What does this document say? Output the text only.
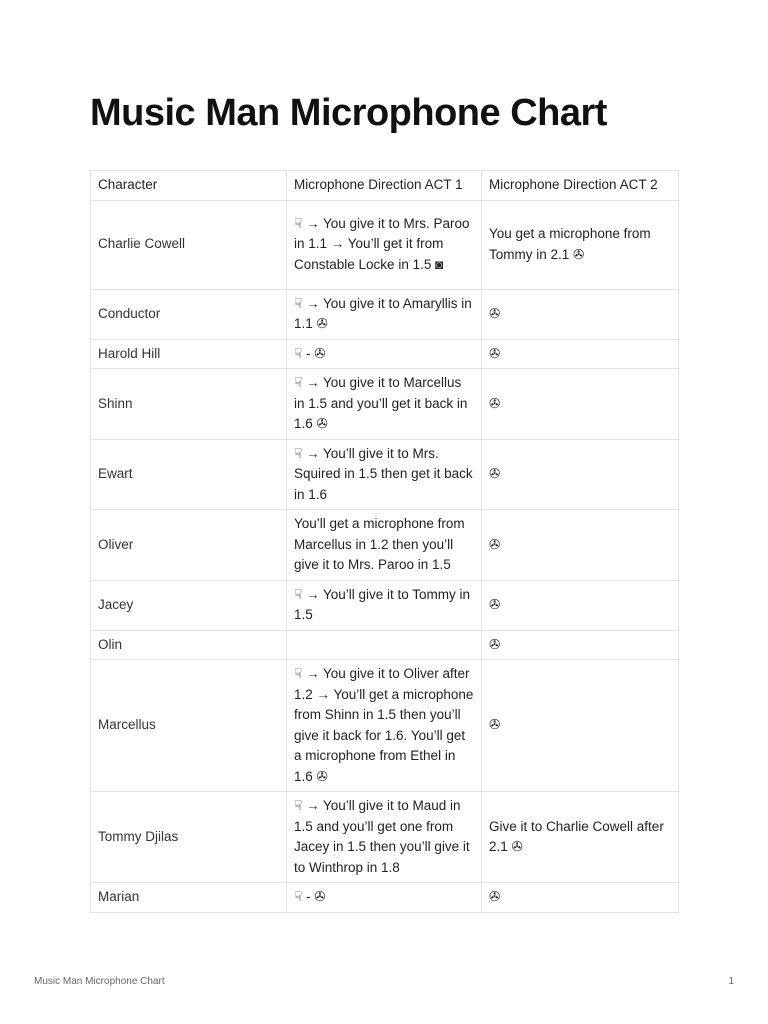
Music Man Microphone Chart
Character	Microphone Direction ACT 1	Microphone Direction ACT 2
Charlie Cowell	☟ → You give it to Mrs. Paroo in 1.1 → You’ll get it from Constable Locke in 1.5 ◙	You get a microphone from Tommy in 2.1 ✇
Conductor	☟ → You give it to Amaryllis in 1.1 ✇	✇
Harold Hill	☟ - ✇	✇
Shinn	☟ → You give it to Marcellus in 1.5 and you’ll get it back in 1.6 ✇	✇
Ewart	☟ → You’ll give it to Mrs. Squired in 1.5 then get it back in 1.6	✇
Oliver	You’ll get a microphone from Marcellus in 1.2 then you’ll give it to Mrs. Paroo in 1.5	✇
Jacey	☟ → You’ll give it to Tommy in 1.5	✇
Olin		✇
Marcellus	☟ → You give it to Oliver after 1.2 → You’ll get a microphone from Shinn in 1.5 then you’ll give it back for 1.6. You’ll get a microphone from Ethel in 1.6 ✇	✇
Tommy Djilas	☟ → You’ll give it to Maud in 1.5 and you’ll get one from Jacey in 1.5 then you’ll give it to Winthrop in 1.8	Give it to Charlie Cowell after 2.1 ✇
Marian	☟ - ✇	✇
Music Man Microphone Chart	1
